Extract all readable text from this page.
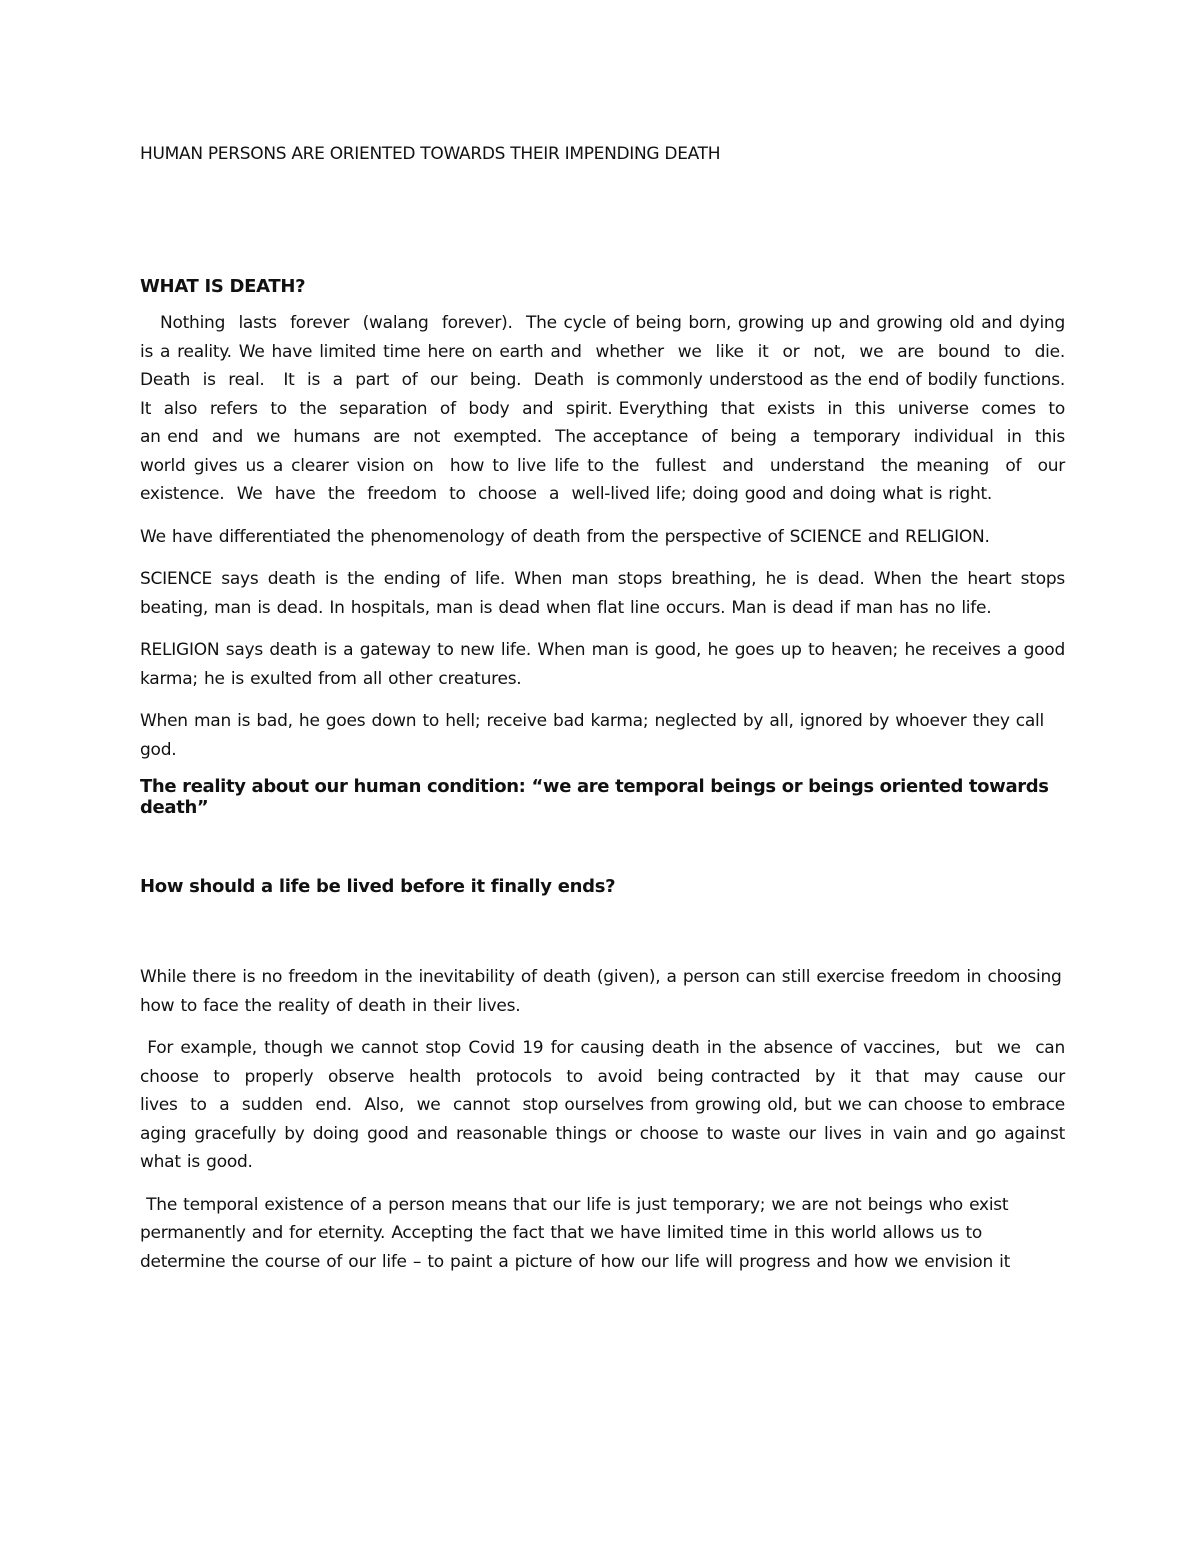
HUMAN PERSONS ARE ORIENTED TOWARDS THEIR IMPENDING DEATH
WHAT IS DEATH?

Nothing  lasts  forever  (walang  forever).  The cycle of being born, growing up and growing old and dying is a reality. We have limited time here on earth and  whether  we  like  it  or  not,  we  are  bound  to  die. Death  is  real.   It  is  a  part  of  our  being.  Death  is commonly understood as the end of bodily functions. It  also  refers  to  the  separation  of  body  and  spirit. Everything  that  exists  in  this  universe  comes  to  an end  and  we  humans  are  not  exempted.  The acceptance  of  being  a  temporary  individual  in  this world gives us a clearer vision on  how to live life to the  fullest  and  understand  the meaning  of  our existence.  We  have  the  freedom  to  choose  a  well-lived life; doing good and doing what is right.

We have differentiated the phenomenology of death from the perspective of SCIENCE and RELIGION.

SCIENCE says death is the ending of life. When man stops breathing, he is dead. When the heart stops beating, man is dead. In hospitals, man is dead when flat line occurs. Man is dead if man has no life.

RELIGION says death is a gateway to new life. When man is good, he goes up to heaven; he receives a good karma; he is exulted from all other creatures.

When man is bad, he goes down to hell; receive bad karma; neglected by all, ignored by whoever they call god.

The reality about our human condition: “we are temporal beings or beings oriented towards death”
How should a life be lived before it finally ends?

While there is no freedom in the inevitability of death (given), a person can still exercise freedom in choosing how to face the reality of death in their lives.

For example, though we cannot stop Covid 19 for causing death in the absence of vaccines,  but  we  can  choose  to  properly  observe  health  protocols  to  avoid  being contracted  by  it  that  may  cause  our  lives  to  a  sudden  end.  Also,  we  cannot  stop ourselves from growing old, but we can choose to embrace aging gracefully by doing good and reasonable things or choose to waste our lives in vain and go against what is good.

The temporal existence of a person means that our life is just temporary; we are not beings who exist permanently and for eternity. Accepting the fact that we have limited time in this world allows us to determine the course of our life – to paint a picture of how our life will progress and how we envision it
